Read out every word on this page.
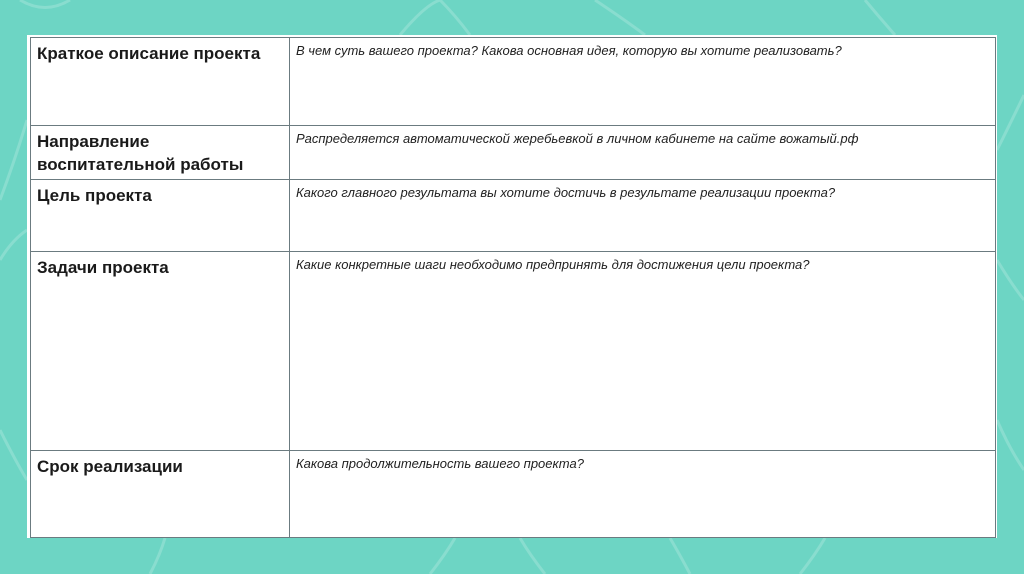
Краткое описание проекта	В чем суть вашего проекта? Какова основная идея, которую вы хотите реализовать?
Направление воспитательной работы	Распределяется автоматической жеребьевкой в личном кабинете на сайте вожатый.рф
Цель проекта	Какого главного результата вы хотите достичь в результате реализации проекта?
Задачи проекта	Какие конкретные шаги необходимо предпринять для достижения цели проекта?
Срок реализации	Какова продолжительность вашего проекта?
